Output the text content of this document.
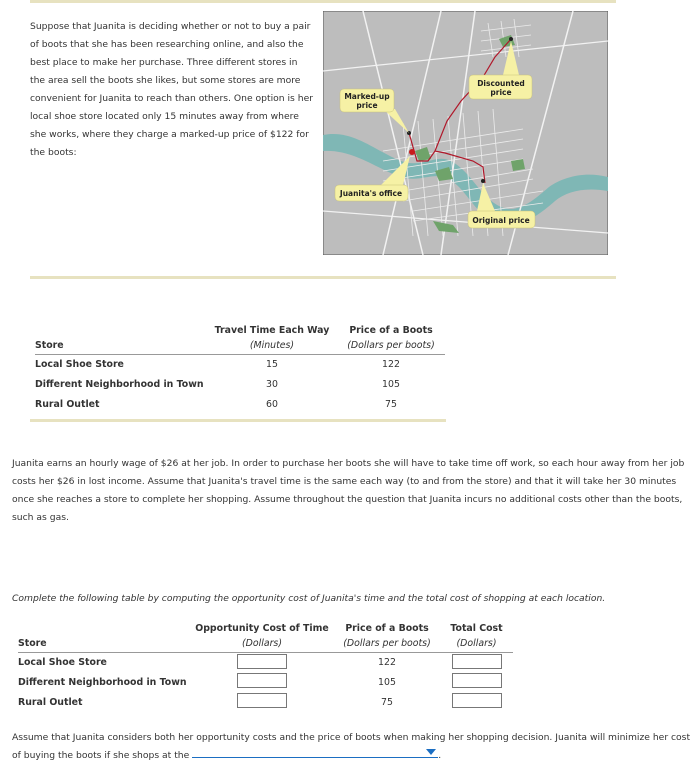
Suppose that Juanita is deciding whether or not to buy a pair of boots that she has been researching online, and also the best place to make her purchase. Three different stores in the area sell the boots she likes, but some stores are more convenient for Juanita to reach than others. One option is her local shoe store located only 15 minutes away from where she works, where they charge a marked-up price of $122 for the boots:
Marked-up
price
Discounted
price
Juanita's office
Original price
	Travel Time Each Way	Price of a Boots
Store	(Minutes)	(Dollars per boots)

Local Shoe Store	15	122
Different Neighborhood in Town	30	105
Rural Outlet	60	75
Juanita earns an hourly wage of $26 at her job. In order to purchase her boots she will have to take time off work, so each hour away from her job costs her $26 in lost income. Assume that Juanita's travel time is the same each way (to and from the store) and that it will take her 30 minutes once she reaches a store to complete her shopping. Assume throughout the question that Juanita incurs no additional costs other than the boots, such as gas.
Complete the following table by computing the opportunity cost of Juanita's time and the total cost of shopping at each location.
	Opportunity Cost of Time	Price of a Boots	Total Cost
Store	(Dollars)	(Dollars per boots)	(Dollars)

Local Shoe Store		122	
Different Neighborhood in Town		105	
Rural Outlet		75	
Assume that Juanita considers both her opportunity costs and the price of boots when making her shopping decision. Juanita will minimize her cost of buying the boots if she shops at the	.
